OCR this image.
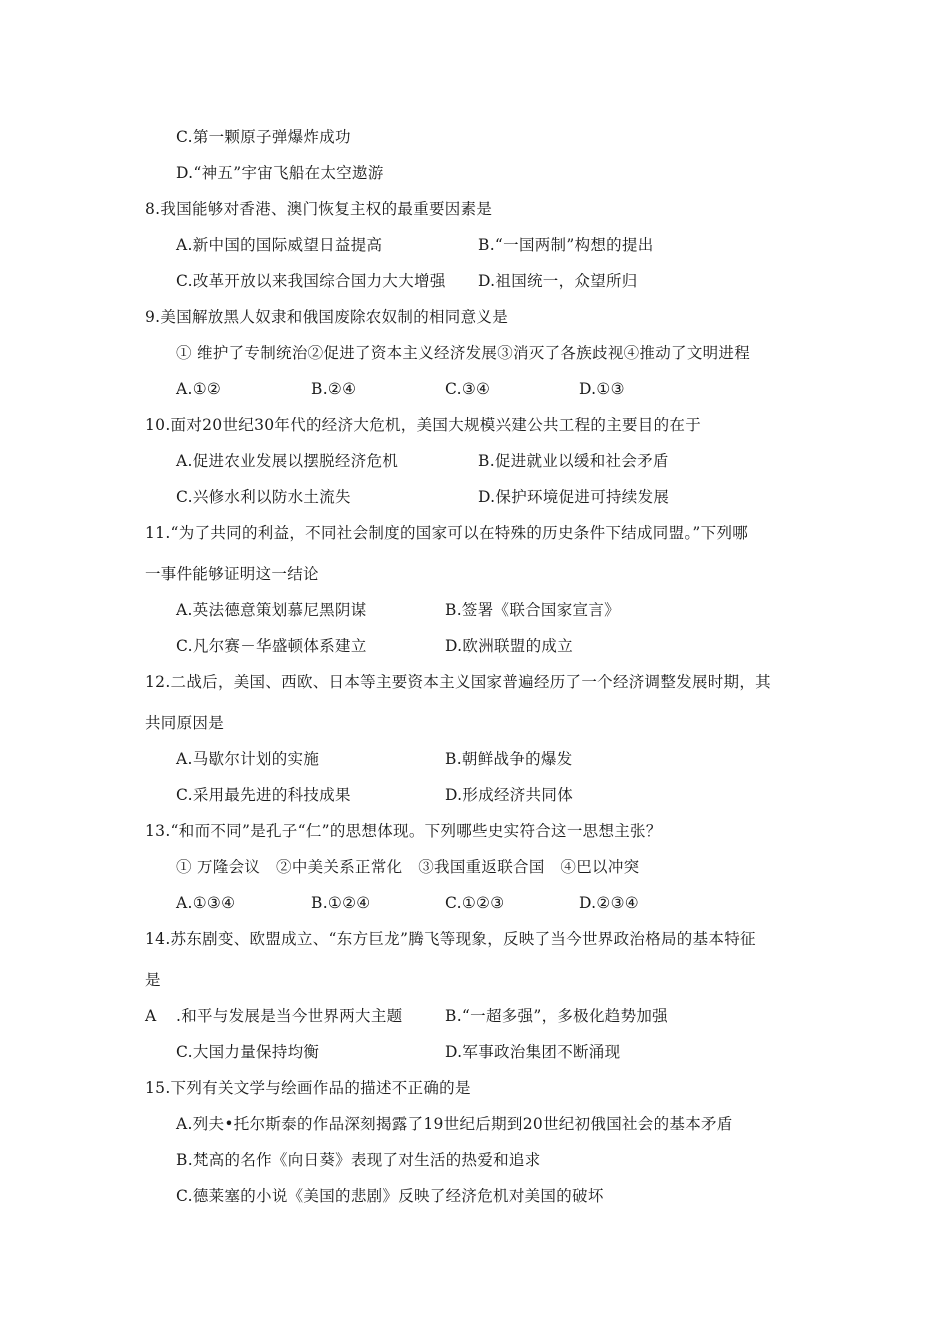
C.第一颗原子弹爆炸成功
D.“神五”宇宙飞船在太空遨游
8.我国能够对香港、澳门恢复主权的最重要因素是
A.新中国的国际威望日益提高	B.“一国两制”构想的提出
C.改革开放以来我国综合国力大大增强 D.祖国统一，众望所归
9.美国解放黑人奴隶和俄国废除农奴制的相同意义是
① 维护了专制统治②促进了资本主义经济发展③消灭了各族歧视④推动了文明进程
A.①②	B.②④	C.③④	D.①③
10.面对20世纪30年代的经济大危机，美国大规模兴建公共工程的主要目的在于
A.促进农业发展以摆脱经济危机	B.促进就业以缓和社会矛盾
C.兴修水利以防水土流失	D.保护环境促进可持续发展
11.“为了共同的利益，不同社会制度的国家可以在特殊的历史条件下结成同盟。”下列哪
一事件能够证明这一结论
A.英法德意策划慕尼黑阴谋	B.签署《联合国家宣言》
C.凡尔赛－华盛顿体系建立	D.欧洲联盟的成立
12.二战后，美国、西欧、日本等主要资本主义国家普遍经历了一个经济调整发展时期，其
共同原因是
A.马歇尔计划的实施	B.朝鲜战争的爆发
C.采用最先进的科技成果	D.形成经济共同体
13.“和而不同”是孔子“仁”的思想体现。下列哪些史实符合这一思想主张？
① 万隆会议　②中美关系正常化　③我国重返联合国　④巴以冲突
A.①③④	B.①②④	C.①②③	D.②③④
14.苏东剧变、欧盟成立、“东方巨龙”腾飞等现象，反映了当今世界政治格局的基本特征
是
A .和平与发展是当今世界两大主题	B.“一超多强”，多极化趋势加强
C.大国力量保持均衡	D.军事政治集团不断涌现
15.下列有关文学与绘画作品的描述不正确的是
A.列夫•托尔斯泰的作品深刻揭露了19世纪后期到20世纪初俄国社会的基本矛盾
B.梵高的名作《向日葵》表现了对生活的热爱和追求
C.德莱塞的小说《美国的悲剧》反映了经济危机对美国的破坏
